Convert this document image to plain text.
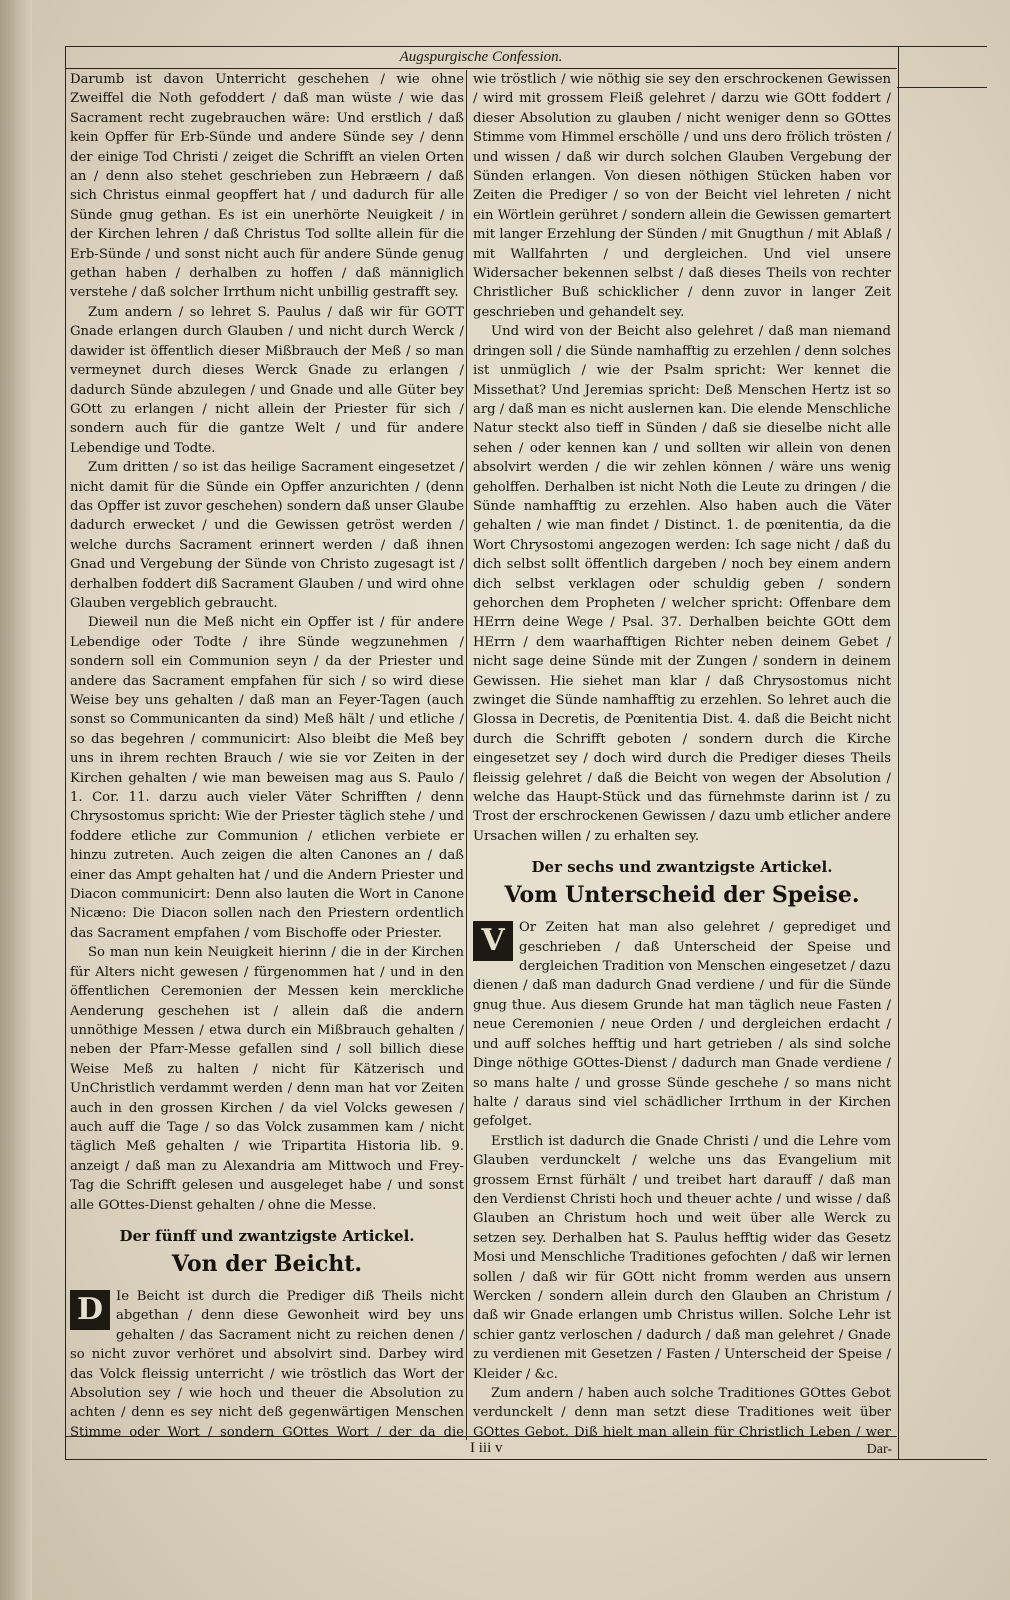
Augspurgische Confession.

Darumb ist davon Unterricht geschehen / wie ohne Zweiffel die Noth gefoddert / daß man wüste / wie das Sacrament recht zugebrauchen wäre: Und erstlich / daß kein Opffer für Erb-Sünde und andere Sünde sey / denn der einige Tod Christi / zeiget die Schrifft an vielen Orten an / denn also stehet geschrieben zun Hebræern / daß sich Christus einmal geopffert hat / und dadurch für alle Sünde gnug gethan. Es ist ein unerhörte Neuigkeit / in der Kirchen lehren / daß Christus Tod sollte allein für die Erb-Sünde / und sonst nicht auch für andere Sünde genug gethan haben / derhalben zu hoffen / daß männiglich verstehe / daß solcher Irrthum nicht unbillig gestrafft sey.

Zum andern / so lehret S. Paulus / daß wir für GOTT Gnade erlangen durch Glauben / und nicht durch Werck / dawider ist öffentlich dieser Mißbrauch der Meß / so man vermeynet durch dieses Werck Gnade zu erlangen / dadurch Sünde abzulegen / und Gnade und alle Güter bey GOtt zu erlangen / nicht allein der Priester für sich / sondern auch für die gantze Welt / und für andere Lebendige und Todte.

Zum dritten / so ist das heilige Sacrament eingesetzet / nicht damit für die Sünde ein Opffer anzurichten / (denn das Opffer ist zuvor geschehen) sondern daß unser Glaube dadurch erwecket / und die Gewissen getröst werden / welche durchs Sacrament erinnert werden / daß ihnen Gnad und Vergebung der Sünde von Christo zugesagt ist / derhalben foddert diß Sacrament Glauben / und wird ohne Glauben vergeblich gebraucht.

Dieweil nun die Meß nicht ein Opffer ist / für andere Lebendige oder Todte / ihre Sünde wegzunehmen / sondern soll ein Communion seyn / da der Priester und andere das Sacrament empfahen für sich / so wird diese Weise bey uns gehalten / daß man an Feyer-Tagen (auch sonst so Communicanten da sind) Meß hält / und etliche / so das begehren / communicirt: Also bleibt die Meß bey uns in ihrem rechten Brauch / wie sie vor Zeiten in der Kirchen gehalten / wie man beweisen mag aus S. Paulo / 1. Cor. 11. darzu auch vieler Väter Schrifften / denn Chrysostomus spricht: Wie der Priester täglich stehe / und foddere etliche zur Communion / etlichen verbiete er hinzu zutreten. Auch zeigen die alten Canones an / daß einer das Ampt gehalten hat / und die Andern Priester und Diacon communicirt: Denn also lauten die Wort in Canone Nicæno: Die Diacon sollen nach den Priestern ordentlich das Sacrament empfahen / vom Bischoffe oder Priester.

So man nun kein Neuigkeit hierinn / die in der Kirchen für Alters nicht gewesen / fürgenommen hat / und in den öffentlichen Ceremonien der Messen kein merckliche Aenderung geschehen ist / allein daß die andern unnöthige Messen / etwa durch ein Mißbrauch gehalten / neben der Pfarr-Messe gefallen sind / soll billich diese Weise Meß zu halten / nicht für Kätzerisch und UnChristlich verdammt werden / denn man hat vor Zeiten auch in den grossen Kirchen / da viel Volcks gewesen / auch auff die Tage / so das Volck zusammen kam / nicht täglich Meß gehalten / wie Tripartita Historia lib. 9. anzeigt / daß man zu Alexandria am Mittwoch und Frey-Tag die Schrifft gelesen und ausgeleget habe / und sonst alle GOttes-Dienst gehalten / ohne die Messe.

Der fünff und zwantzigste Artickel.
Von der Beicht.

D Ie Beicht ist durch die Prediger diß Theils nicht abgethan / denn diese Gewonheit wird bey uns gehalten / das Sacrament nicht zu reichen denen / so nicht zuvor verhöret und absolvirt sind. Darbey wird das Volck fleissig unterricht / wie tröstlich das Wort der Absolution sey / wie hoch und theuer die Absolution zu achten / denn es sey nicht deß gegenwärtigen Menschen Stimme oder Wort / sondern GOttes Wort / der da die

wie tröstlich / wie nöthig sie sey den erschrockenen Gewissen / wird mit grossem Fleiß gelehret / darzu wie GOtt foddert / dieser Absolution zu glauben / nicht weniger denn so GOttes Stimme vom Himmel erschölle / und uns dero frölich trösten / und wissen / daß wir durch solchen Glauben Vergebung der Sünden erlangen. Von diesen nöthigen Stücken haben vor Zeiten die Prediger / so von der Beicht viel lehreten / nicht ein Wörtlein gerühret / sondern allein die Gewissen gemartert mit langer Erzehlung der Sünden / mit Gnugthun / mit Ablaß / mit Wallfahrten / und dergleichen. Und viel unsere Widersacher bekennen selbst / daß dieses Theils von rechter Christlicher Buß schicklicher / denn zuvor in langer Zeit geschrieben und gehandelt sey.

Und wird von der Beicht also gelehret / daß man niemand dringen soll / die Sünde namhafftig zu erzehlen / denn solches ist unmüglich / wie der Psalm spricht: Wer kennet die Missethat? Und Jeremias spricht: Deß Menschen Hertz ist so arg / daß man es nicht auslernen kan. Die elende Menschliche Natur steckt also tieff in Sünden / daß sie dieselbe nicht alle sehen / oder kennen kan / und sollten wir allein von denen absolvirt werden / die wir zehlen können / wäre uns wenig geholffen. Derhalben ist nicht Noth die Leute zu dringen / die Sünde namhafftig zu erzehlen. Also haben auch die Väter gehalten / wie man findet / Distinct. 1. de pœnitentia, da die Wort Chrysostomi angezogen werden: Ich sage nicht / daß du dich selbst sollt öffentlich dargeben / noch bey einem andern dich selbst verklagen oder schuldig geben / sondern gehorchen dem Propheten / welcher spricht: Offenbare dem HErrn deine Wege / Psal. 37. Derhalben beichte GOtt dem HErrn / dem waarhafftigen Richter neben deinem Gebet / nicht sage deine Sünde mit der Zungen / sondern in deinem Gewissen. Hie siehet man klar / daß Chrysostomus nicht zwinget die Sünde namhafftig zu erzehlen. So lehret auch die Glossa in Decretis, de Pœnitentia Dist. 4. daß die Beicht nicht durch die Schrifft geboten / sondern durch die Kirche eingesetzet sey / doch wird durch die Prediger dieses Theils fleissig gelehret / daß die Beicht von wegen der Absolution / welche das Haupt-Stück und das fürnehmste darinn ist / zu Trost der erschrockenen Gewissen / dazu umb etlicher andere Ursachen willen / zu erhalten sey.

Der sechs und zwantzigste Artickel.
Vom Unterscheid der Speise.

V	Or Zeiten hat man also gelehret / geprediget und geschrieben / daß Unterscheid der Speise und dergleichen Tradition von Menschen eingesetzet / dazu dienen / daß man dadurch Gnad verdiene / und für die Sünde gnug thue. Aus diesem Grunde hat man täglich neue Fasten / neue Ceremonien / neue Orden / und dergleichen erdacht / und auff solches hefftig und hart getrieben / als sind solche Dinge nöthige GOttes-Dienst / dadurch man Gnade verdiene / so mans halte / und grosse Sünde geschehe / so mans nicht halte / daraus sind viel schädlicher Irrthum in der Kirchen gefolget.

Erstlich ist dadurch die Gnade Christi / und die Lehre vom Glauben verdunckelt / welche uns das Evangelium mit grossem Ernst fürhält / und treibet hart darauff / daß man den Verdienst Christi hoch und theuer achte / und wisse / daß Glauben an Christum hoch und weit über alle Werck zu setzen sey. Derhalben hat S. Paulus hefftig wider das Gesetz Mosi und Menschliche Traditiones gefochten / daß wir lernen sollen / daß wir für GOtt nicht fromm werden aus unsern Wercken / sondern allein durch den Glauben an Christum / daß wir Gnade erlangen umb Christus willen. Solche Lehr ist schier gantz verloschen / dadurch / daß man gelehret / Gnade zu verdienen mit Gesetzen / Fasten / Unterscheid der Speise / Kleider / &c.

Zum andern / haben auch solche Traditiones GOttes Gebot verdunckelt / denn man setzt diese Traditiones weit über GOttes Gebot. Diß hielt man allein für Christlich Leben / wer

I iii v	Dar-
